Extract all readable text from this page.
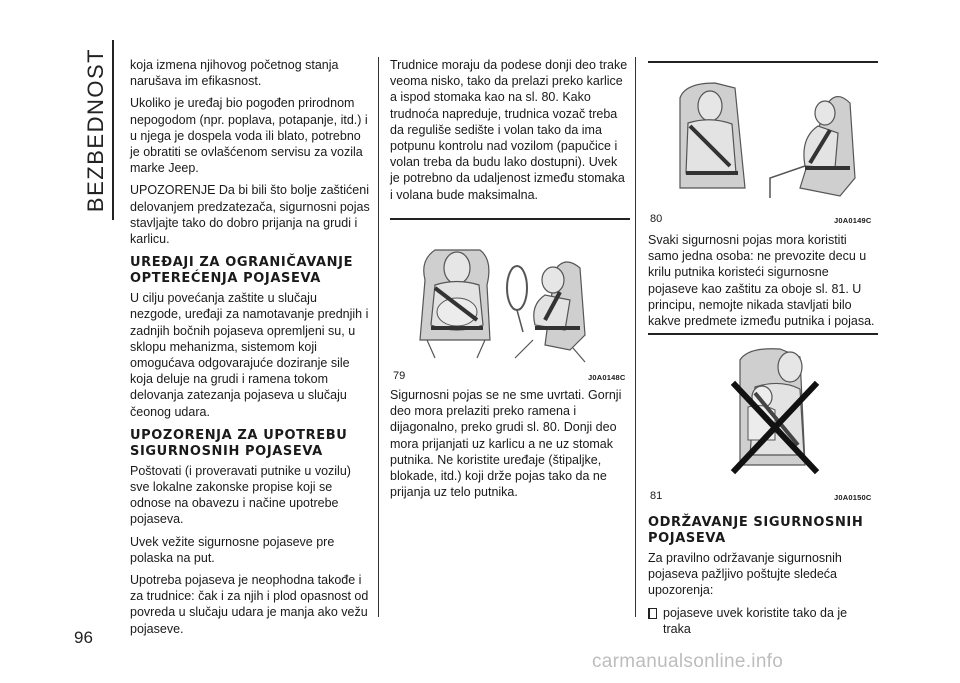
BEZBEDNOST
96

koja izmena njihovog početnog stanja narušava im efikasnost.

Ukoliko je uređaj bio pogođen prirodnom nepogodom (npr. poplava, potapanje, itd.) i u njega je dospela voda ili blato, potrebno je obratiti se ovlašćenom servisu za vozila marke Jeep.

UPOZORENJE Da bi bili što bolje zaštićeni delovanjem predzatezača, sigurnosni pojas stavljajte tako do dobro prijanja na grudi i karlicu.

UREĐAJI ZA OGRANIČAVANJE OPTEREĆENJA POJASEVA

U cilju povećanja zaštite u slučaju nezgode, uređaji za namotavanje prednjih i zadnjih bočnih pojaseva opremljeni su, u sklopu mehanizma, sistemom koji omogućava odgovarajuće doziranje sile koja deluje na grudi i ramena tokom delovanja zatezanja pojaseva u slučaju čeonog udara.

UPOZORENJA ZA UPOTREBU SIGURNOSNIH POJASEVA

Poštovati (i proveravati putnike u vozilu) sve lokalne zakonske propise koji se odnose na obavezu i načine upotrebe pojaseva.

Uvek vežite sigurnosne pojaseve pre polaska na put.

Upotreba pojaseva je neophodna takođe i za trudnice: čak i za njih i plod opasnost od povreda u slučaju udara je manja ako vežu pojaseve.

Trudnice moraju da podese donji deo trake veoma nisko, tako da prelazi preko karlice a ispod stomaka kao na sl. 80. Kako trudnoća napreduje, trudnica vozač treba da reguliše sedište i volan tako da ima potpunu kontrolu nad vozilom (papučice i volan treba da budu lako dostupni). Uvek je potrebno da udaljenost između stomaka i volana bude maksimalna.

79	J0A0148C

Sigurnosni pojas se ne sme uvrtati. Gornji deo mora prelaziti preko ramena i dijagonalno, preko grudi sl. 80. Donji deo mora prijanjati uz karlicu a ne uz stomak putnika. Ne koristite uređaje (štipaljke, blokade, itd.) koji drže pojas tako da ne prijanja uz telo putnika.

80	J0A0149C

Svaki sigurnosni pojas mora koristiti samo jedna osoba: ne prevozite decu u krilu putnika koristeći sigurnosne pojaseve kao zaštitu za oboje sl. 81. U principu, nemojte nikada stavljati bilo kakve predmete između putnika i pojasa.

81	J0A0150C
ODRŽAVANJE SIGURNOSNIH POJASEVA

Za pravilno održavanje sigurnosnih pojaseva pažljivo poštujte sledeća upozorenja:

pojaseve uvek koristite tako da je traka
carmanualsonline.info
